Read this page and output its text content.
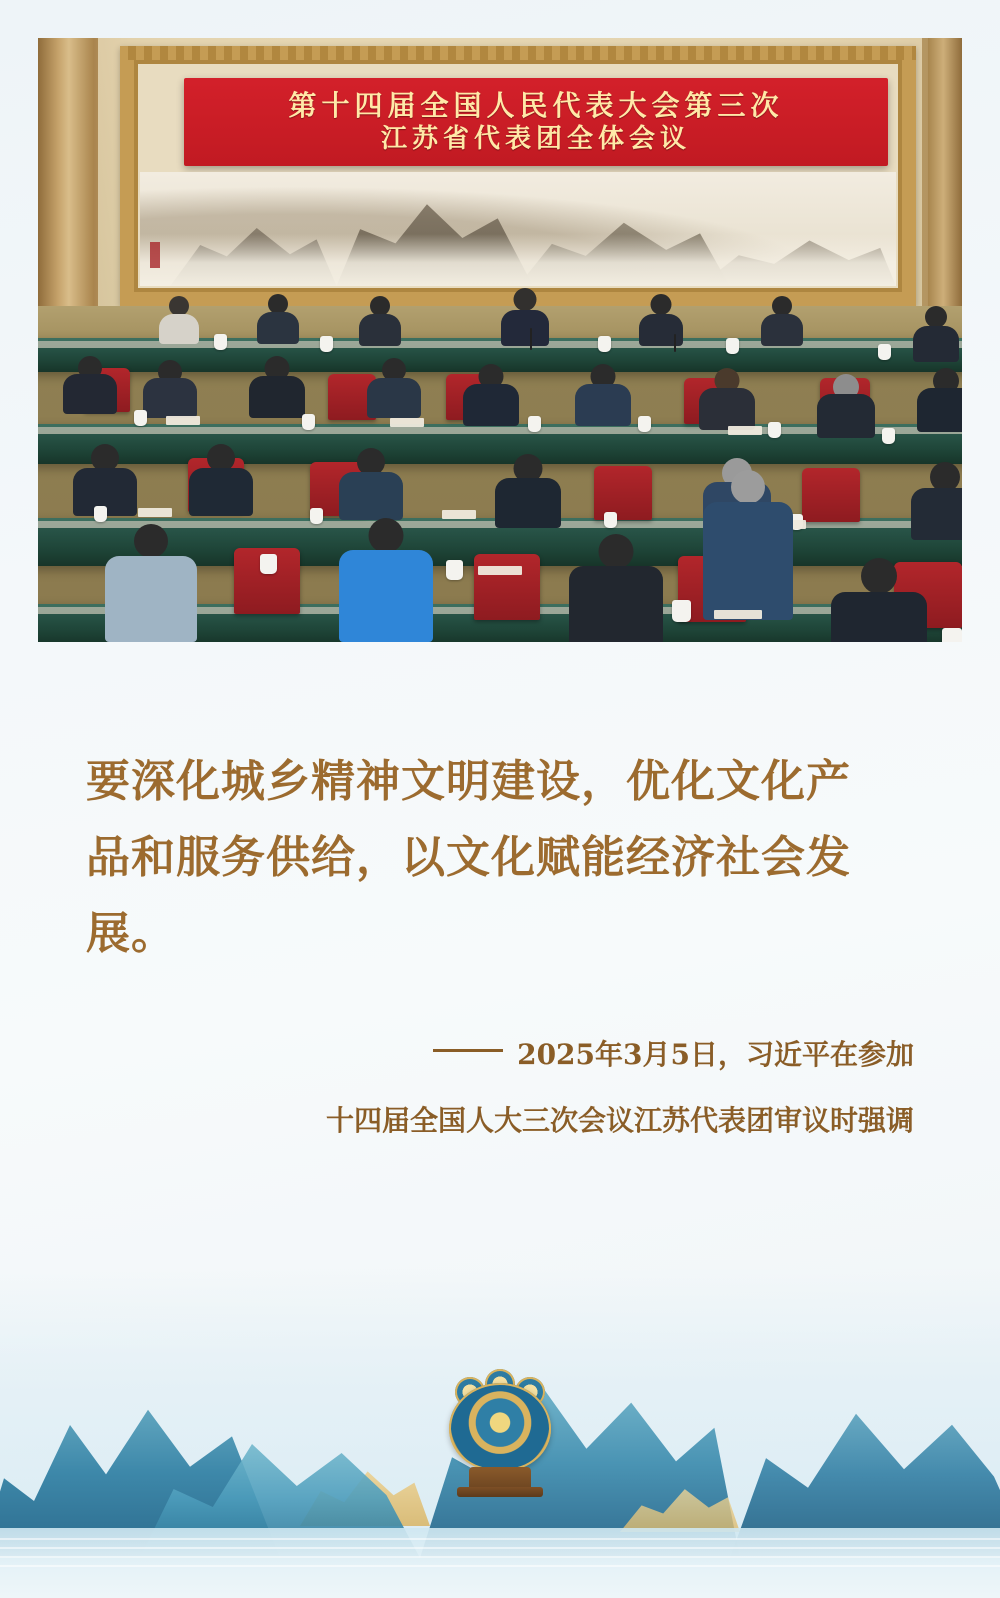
第十四届全国人民代表大会第三次
江苏省代表团全体会议
要深化城乡精神文明建设，优化文化产
品和服务供给，以文化赋能经济社会发
展。
2025年3月5日，习近平在参加
十四届全国人大三次会议江苏代表团审议时强调
